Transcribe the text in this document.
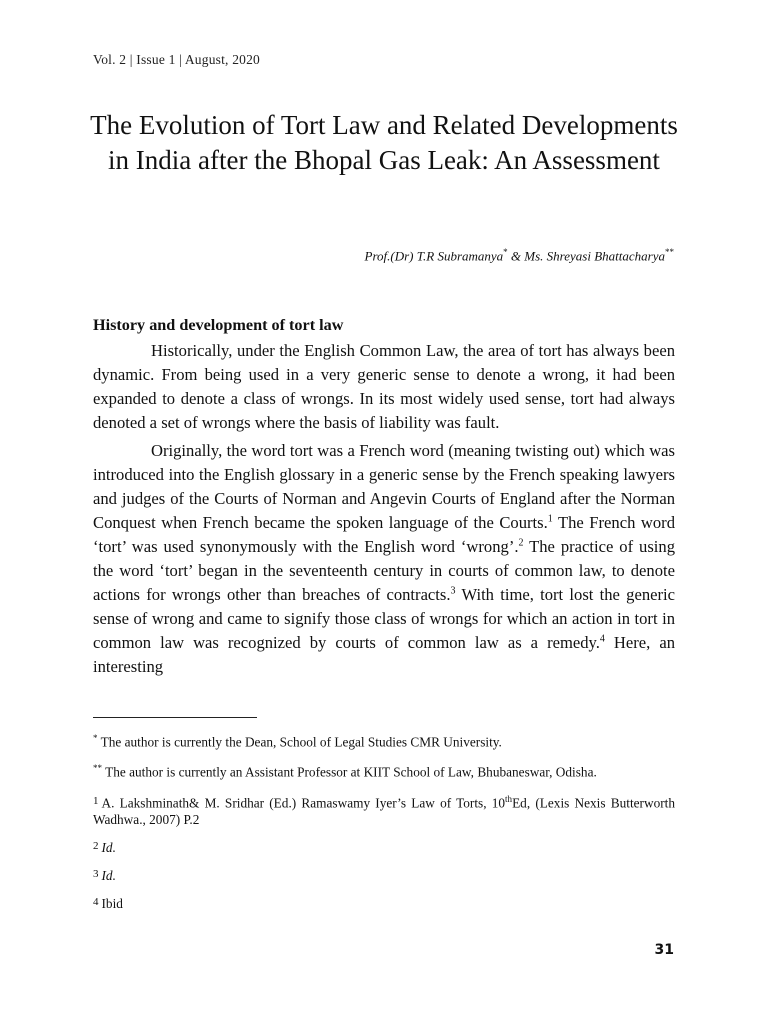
Vol. 2 | Issue 1 | August, 2020
The Evolution of Tort Law and Related Developments in India after the Bhopal Gas Leak: An Assessment
Prof.(Dr) T.R Subramanya* & Ms. Shreyasi Bhattacharya**

History and development of tort law

Historically, under the English Common Law, the area of tort has always been dynamic. From being used in a very generic sense to denote a wrong, it had been expanded to denote a class of wrongs. In its most widely used sense, tort had always denoted a set of wrongs where the basis of liability was fault.

Originally, the word tort was a French word (meaning twisting out) which was introduced into the English glossary in a generic sense by the French speaking lawyers and judges of the Courts of Norman and Angevin Courts of England after the Norman Conquest when French became the spoken language of the Courts.$^1$ The French word ‘tort’ was used synonymously with the English word ‘wrong’.$^2$ The practice of using the word ‘tort’ began in the seventeenth century in courts of common law, to denote actions for wrongs other than breaches of contracts.$^3$ With time, tort lost the generic sense of wrong and came to signify those class of wrongs for which an action in tort in common law was recognized by courts of common law as a remedy.$^4$ Here, an interesting

* The author is currently the Dean, School of Legal Studies CMR University.

** The author is currently an Assistant Professor at KIIT School of Law, Bhubaneswar, Odisha.

$^1$ A. Lakshminath& M. Sridhar (Ed.) Ramaswamy Iyer’s Law of Torts, 10thEd, (Lexis Nexis Butterworth Wadhwa., 2007) P.2

$^2$ Id.

$^3$ Id.

$^4$ Ibid

31
